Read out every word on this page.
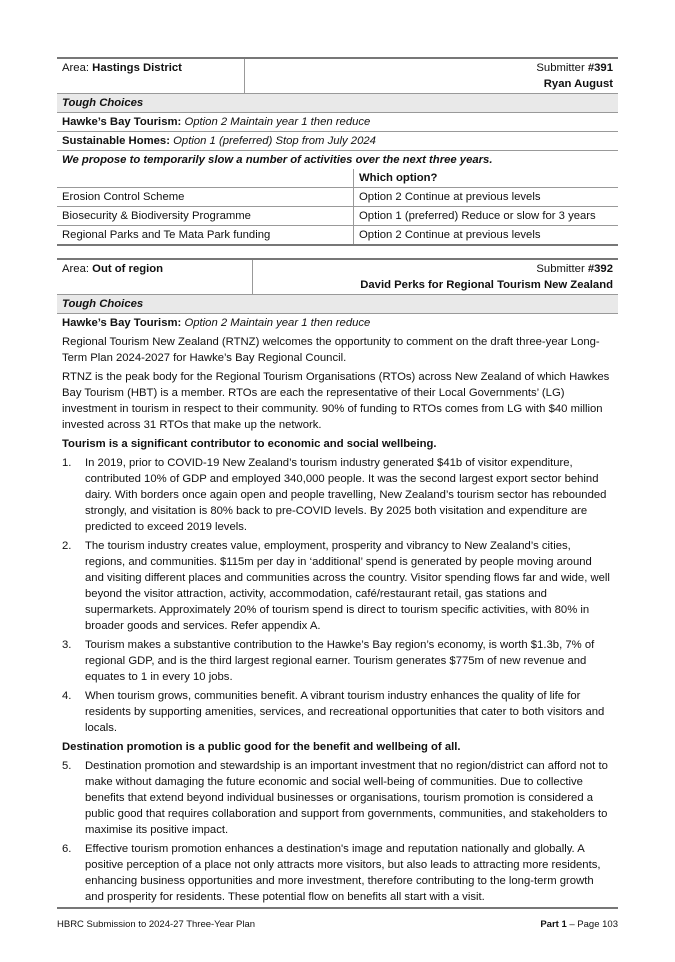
Area: Hastings District	Submitter #391
Ryan August
Tough Choices
Hawke’s Bay Tourism: Option 2 Maintain year 1 then reduce
Sustainable Homes: Option 1 (preferred) Stop from July 2024
We propose to temporarily slow a number of activities over the next three years.
Which option?
Erosion Control Scheme	Option 2 Continue at previous levels
Biosecurity & Biodiversity Programme	Option 1 (preferred) Reduce or slow for 3 years
Regional Parks and Te Mata Park funding	Option 2 Continue at previous levels
Area: Out of region	Submitter #392
David Perks for Regional Tourism New Zealand
Tough Choices
Hawke’s Bay Tourism: Option 2 Maintain year 1 then reduce
Regional Tourism New Zealand (RTNZ) welcomes the opportunity to comment on the draft three-year Long-Term Plan 2024-2027 for Hawke’s Bay Regional Council.
RTNZ is the peak body for the Regional Tourism Organisations (RTOs) across New Zealand of which Hawkes Bay Tourism (HBT) is a member. RTOs are each the representative of their Local Governments’ (LG) investment in tourism in respect to their community. 90% of funding to RTOs comes from LG with $40 million invested across 31 RTOs that make up the network.
Tourism is a significant contributor to economic and social wellbeing.
1.	In 2019, prior to COVID-19 New Zealand’s tourism industry generated $41b of visitor expenditure, contributed 10% of GDP and employed 340,000 people. It was the second largest export sector behind dairy. With borders once again open and people travelling, New Zealand’s tourism sector has rebounded strongly, and visitation is 80% back to pre-COVID levels. By 2025 both visitation and expenditure are predicted to exceed 2019 levels.
2.	The tourism industry creates value, employment, prosperity and vibrancy to New Zealand’s cities, regions, and communities. $115m per day in ‘additional’ spend is generated by people moving around and visiting different places and communities across the country. Visitor spending flows far and wide, well beyond the visitor attraction, activity, accommodation, café/restaurant retail, gas stations and supermarkets. Approximately 20% of tourism spend is direct to tourism specific activities, with 80% in broader goods and services. Refer appendix A.
3.	Tourism makes a substantive contribution to the Hawke’s Bay region’s economy, is worth $1.3b, 7% of regional GDP, and is the third largest regional earner. Tourism generates $775m of new revenue and equates to 1 in every 10 jobs.
4.	When tourism grows, communities benefit. A vibrant tourism industry enhances the quality of life for residents by supporting amenities, services, and recreational opportunities that cater to both visitors and locals.
Destination promotion is a public good for the benefit and wellbeing of all.
5.	Destination promotion and stewardship is an important investment that no region/district can afford not to make without damaging the future economic and social well-being of communities. Due to collective benefits that extend beyond individual businesses or organisations, tourism promotion is considered a public good that requires collaboration and support from governments, communities, and stakeholders to maximise its positive impact.
6.	Effective tourism promotion enhances a destination's image and reputation nationally and globally. A positive perception of a place not only attracts more visitors, but also leads to attracting more residents, enhancing business opportunities and more investment, therefore contributing to the long-term growth and prosperity for residents. These potential flow on benefits all start with a visit.
HBRC Submission to 2024-27 Three-Year Plan	Part 1 – Page 103
